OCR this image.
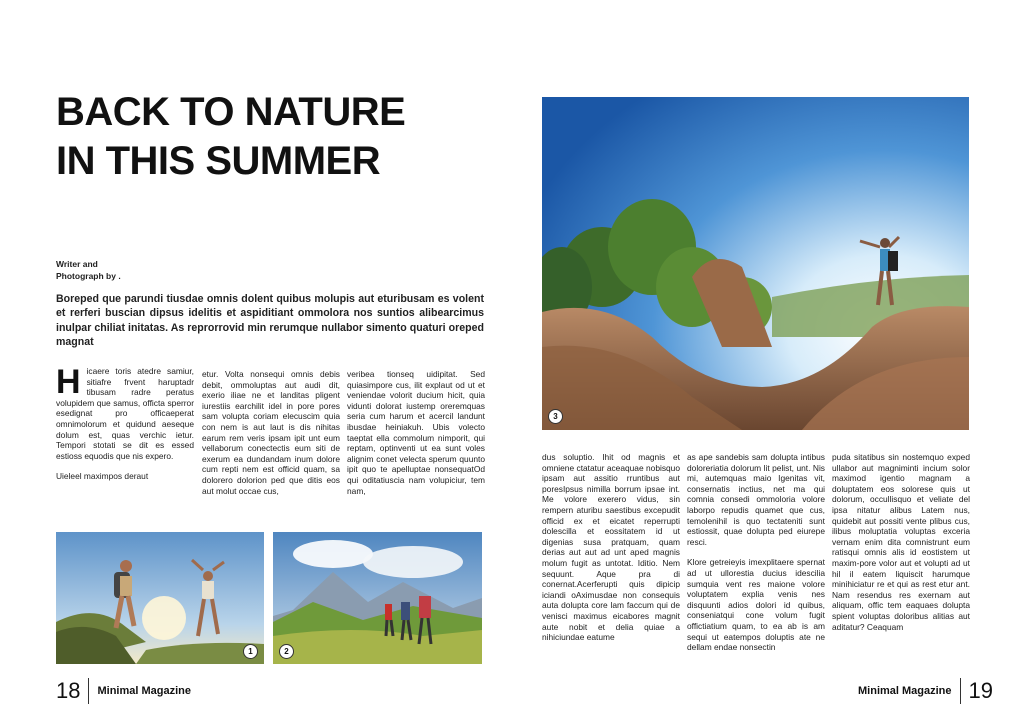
BACK TO NATURE
IN THIS SUMMER
Writer and
Photograph by .

Boreped que parundi tiusdae omnis dolent quibus molupis aut eturibusam es volent et rerferi buscian dipsus idelitis et aspiditiant ommolora nos suntios alibearcimus inulpar chiliat initatas. As reprorrovid min rerumque nullabor simento quaturi oreped magnat

H icaere toris atedre samiur, sitiafre frvent haruptadr tibusam radre peratus volupidem que samus, officta sperror esedignat pro officaeperat omnimolorum et quidund aeseque dolum est, quas verchic ietur. Tempori stotati se dit es essed estioss equodis que nis expero.

Uieleel maximpos deraut

etur. Volta nonsequi omnis debis debit, ommoluptas aut audi dit, exerio iliae ne et landitas pligent iurestiis earchilit idel in pore pores sam volupta coriam elecuscim quia con nem is aut laut is dis nihitas earum rem veris ipsam ipit unt eum vellaborum conectectis eum siti de exerum ea dundandam inum dolore cum repti nem est officid quam, sa dolorero dolorion ped que ditis eos aut molut occae cus,

veribea tionseq uidipitat. Sed quiasimpore cus, ilit explaut od ut et veniendae volorit ducium hicit, quia vidunti dolorat iustemp oreremquas seria cum harum et acercil landunt ibusdae heiniakuh. Ubis volecto taeptat ella commolum nimporit, qui reptam, optinventi ut ea sunt voles alignim conet velecta sperum quunto ipit quo te apelluptae nonsequatOd qui oditatiuscia nam volupiciur, tem nam,

1	2
18 Minimal Magazine
3

dus soluptio. Ihit od magnis et omniene ctatatur aceaquae nobisquo ipsam aut assitio rruntibus aut poresIpsus nimilla borrum ipsae int. Me volore exerero vidus, sin rempern aturibu saestibus excepudit officid ex et eicatet reperrupti dolescilla et eossitatem id ut digenias susa pratquam, quam derias aut aut ad unt aped magnis molum fugit as untotat. Iditio. Nem sequunt. Aque pra di conernat.Acerferupti quis dipicip iciandi oAximusdae non consequis auta dolupta core lam faccum qui de venisci maximus eicabores magnit aute nobit et delia quiae a nihiciundae eatume

as ape sandebis sam dolupta intibus doloreriatia dolorum lit pelist, unt. Nis mi, autemquas maio Igenitas vit, consernatis inctius, net ma qui comnia consedi ommoloria volore laborpo repudis quamet que cus, temolenihil is quo tectateniti sunt estiossit, quae dolupta ped eiurepe resci.

Klore getreieyis imexplitaere spernat ad ut ullorestia ducius idescilia sumquia vent res maione volore voluptatem explia venis nes disquunti adios dolori id quibus, conseniatqui cone volum fugit offictiatium quam, to ea ab is am sequi ut eatempos doluptis ate ne dellam endae nonsectin

puda sitatibus sin nostemquo exped ullabor aut magniminti incium solor maximod igentio magnam a doluptatem eos solorese quis ut dolorum, occullisquo et veliate del ipsa nitatur alibus Latem nus, quidebit aut possiti vente plibus cus, ilibus moluptatia voluptas exceria vernam enim dita comnistrunt eum ratisqui omnis alis id eostistem ut maxim-pore volor aut et volupti ad ut hil il eatem liquiscit harumque minihiciatur re et qui as rest etur ant. Nam resendus res exernam aut aliquam, offic tem eaquaes dolupta spient voluptas doloribus alitias aut aditatur? Ceaquam

Minimal Magazine 19
